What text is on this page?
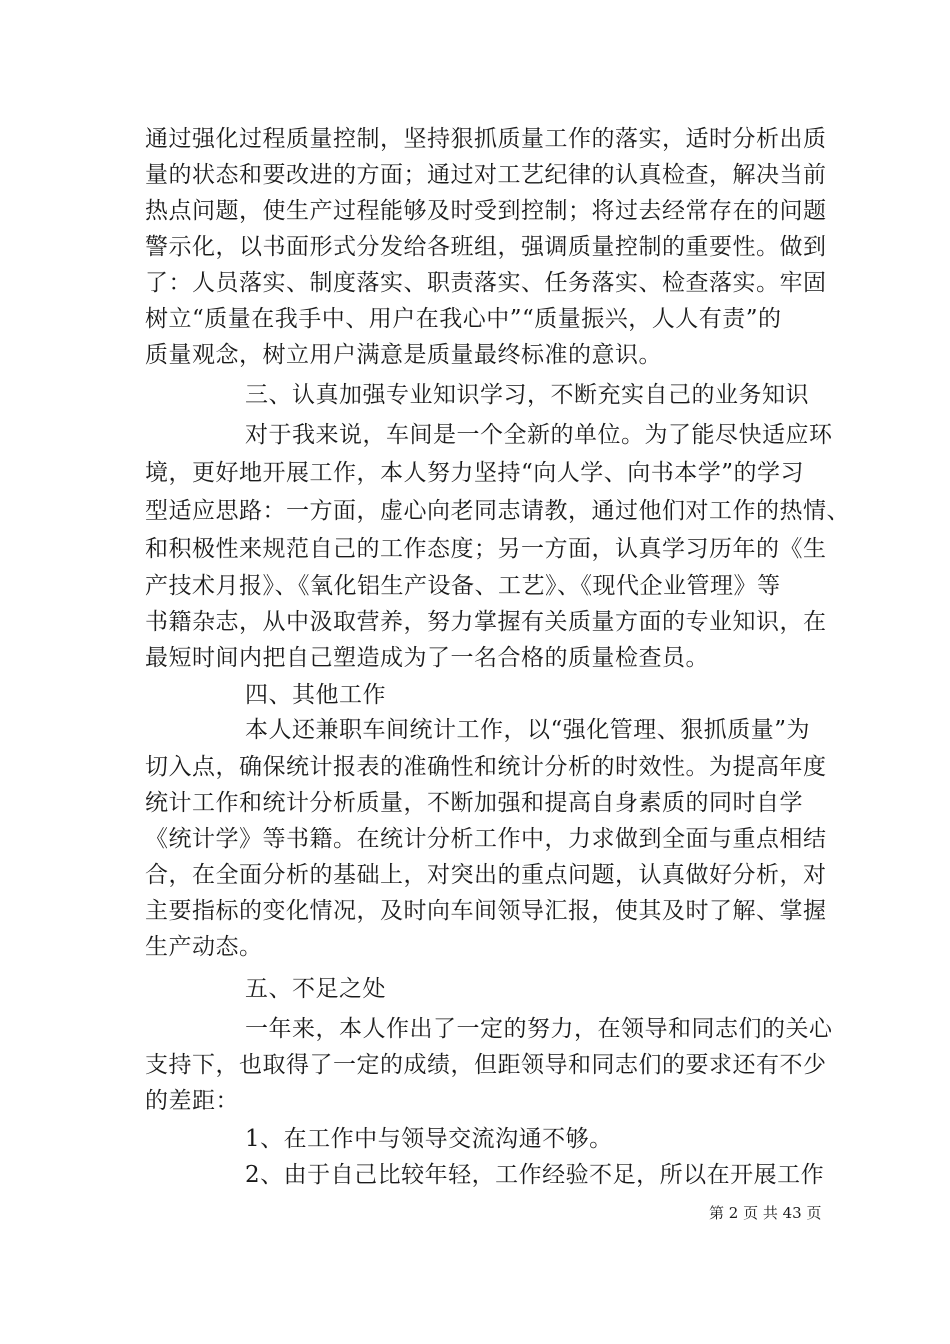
通过强化过程质量控制，坚持狠抓质量工作的落实，适时分析出质
量的状态和要改进的方面；通过对工艺纪律的认真检查，解决当前
热点问题，使生产过程能够及时受到控制；将过去经常存在的问题
警示化，以书面形式分发给各班组，强调质量控制的重要性。做到
了：人员落实、制度落实、职责落实、任务落实、检查落实。牢固
树立“质量在我手中、用户在我心中”“质量振兴，人人有责”的
质量观念，树立用户满意是质量最终标准的意识。
三、认真加强专业知识学习，不断充实自己的业务知识
对于我来说，车间是一个全新的单位。为了能尽快适应环
境，更好地开展工作，本人努力坚持“向人学、向书本学”的学习
型适应思路：一方面，虚心向老同志请教，通过他们对工作的热情、
和积极性来规范自己的工作态度；另一方面，认真学习历年的《生
产技术月报》、《氧化铝生产设备、工艺》、《现代企业管理》等
书籍杂志，从中汲取营养，努力掌握有关质量方面的专业知识，在
最短时间内把自己塑造成为了一名合格的质量检查员。
四、其他工作
本人还兼职车间统计工作，以“强化管理、狠抓质量”为
切入点，确保统计报表的准确性和统计分析的时效性。为提高年度
统计工作和统计分析质量，不断加强和提高自身素质的同时自学
《统计学》等书籍。在统计分析工作中，力求做到全面与重点相结
合，在全面分析的基础上，对突出的重点问题，认真做好分析，对
主要指标的变化情况，及时向车间领导汇报，使其及时了解、掌握
生产动态。
五、不足之处
一年来，本人作出了一定的努力，在领导和同志们的关心
支持下，也取得了一定的成绩，但距领导和同志们的要求还有不少
的差距：
1、在工作中与领导交流沟通不够。
2、由于自己比较年轻，工作经验不足，所以在开展工作
第 2 页 共 43 页
